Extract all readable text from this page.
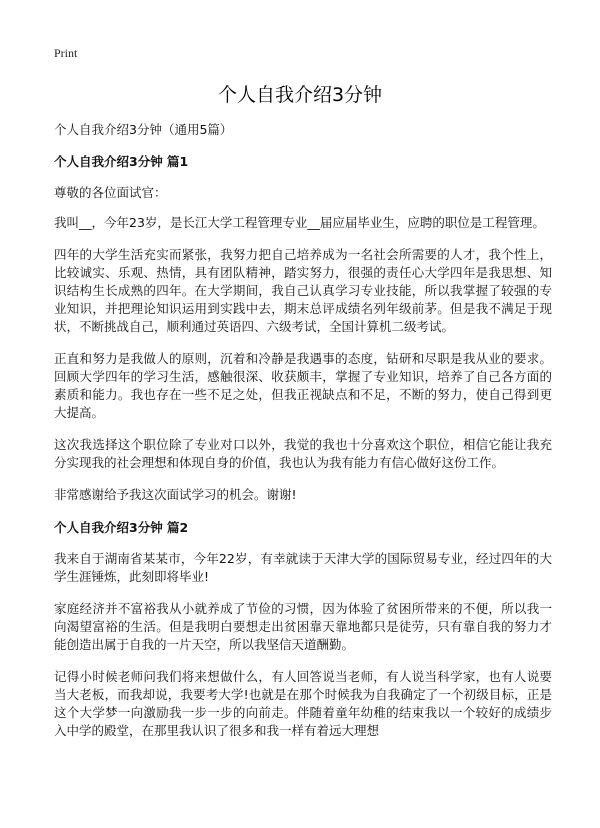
Print
个人自我介绍3分钟

个人自我介绍3分钟（通用5篇）

个人自我介绍3分钟 篇1

尊敬的各位面试官：

我叫__，今年23岁，是长江大学工程管理专业__届应届毕业生，应聘的职位是工程管理。

四年的大学生活充实而紧张，我努力把自己培养成为一名社会所需要的人才，我个性上，比较诚实、乐观、热情，具有团队精神，踏实努力，很强的责任心大学四年是我思想、知识结构生长成熟的四年。在大学期间，我自己认真学习专业技能，所以我掌握了较强的专业知识，并把理论知识运用到实践中去，期末总评成绩名列年级前茅。但是我不满足于现状，不断挑战自己，顺利通过英语四、六级考试，全国计算机二级考试。

正直和努力是我做人的原则，沉着和冷静是我遇事的态度，钻研和尽职是我从业的要求。回顾大学四年的学习生活，感触很深、收获颇丰，掌握了专业知识，培养了自己各方面的素质和能力。我也存在一些不足之处，但我正视缺点和不足，不断的努力，使自己得到更大提高。

这次我选择这个职位除了专业对口以外，我觉的我也十分喜欢这个职位，相信它能让我充分实现我的社会理想和体现自身的价值，我也认为我有能力有信心做好这份工作。

非常感谢给予我这次面试学习的机会。谢谢!

个人自我介绍3分钟 篇2

我来自于湖南省某某市，今年22岁，有幸就读于天津大学的国际贸易专业，经过四年的大学生涯锤炼，此刻即将毕业!

家庭经济并不富裕我从小就养成了节俭的习惯，因为体验了贫困所带来的不便，所以我一向渴望富裕的生活。但是我明白要想走出贫困靠天靠地都只是徒劳，只有靠自我的努力才能创造出属于自我的一片天空，所以我坚信天道酬勤。

记得小时候老师问我们将来想做什么，有人回答说当老师，有人说当科学家，也有人说要当大老板，而我却说，我要考大学!也就是在那个时候我为自我确定了一个初级目标，正是这个大学梦一向激励我一步一步的向前走。伴随着童年幼稚的结束我以一个较好的成绩步入中学的殿堂，在那里我认识了很多和我一样有着远大理想
